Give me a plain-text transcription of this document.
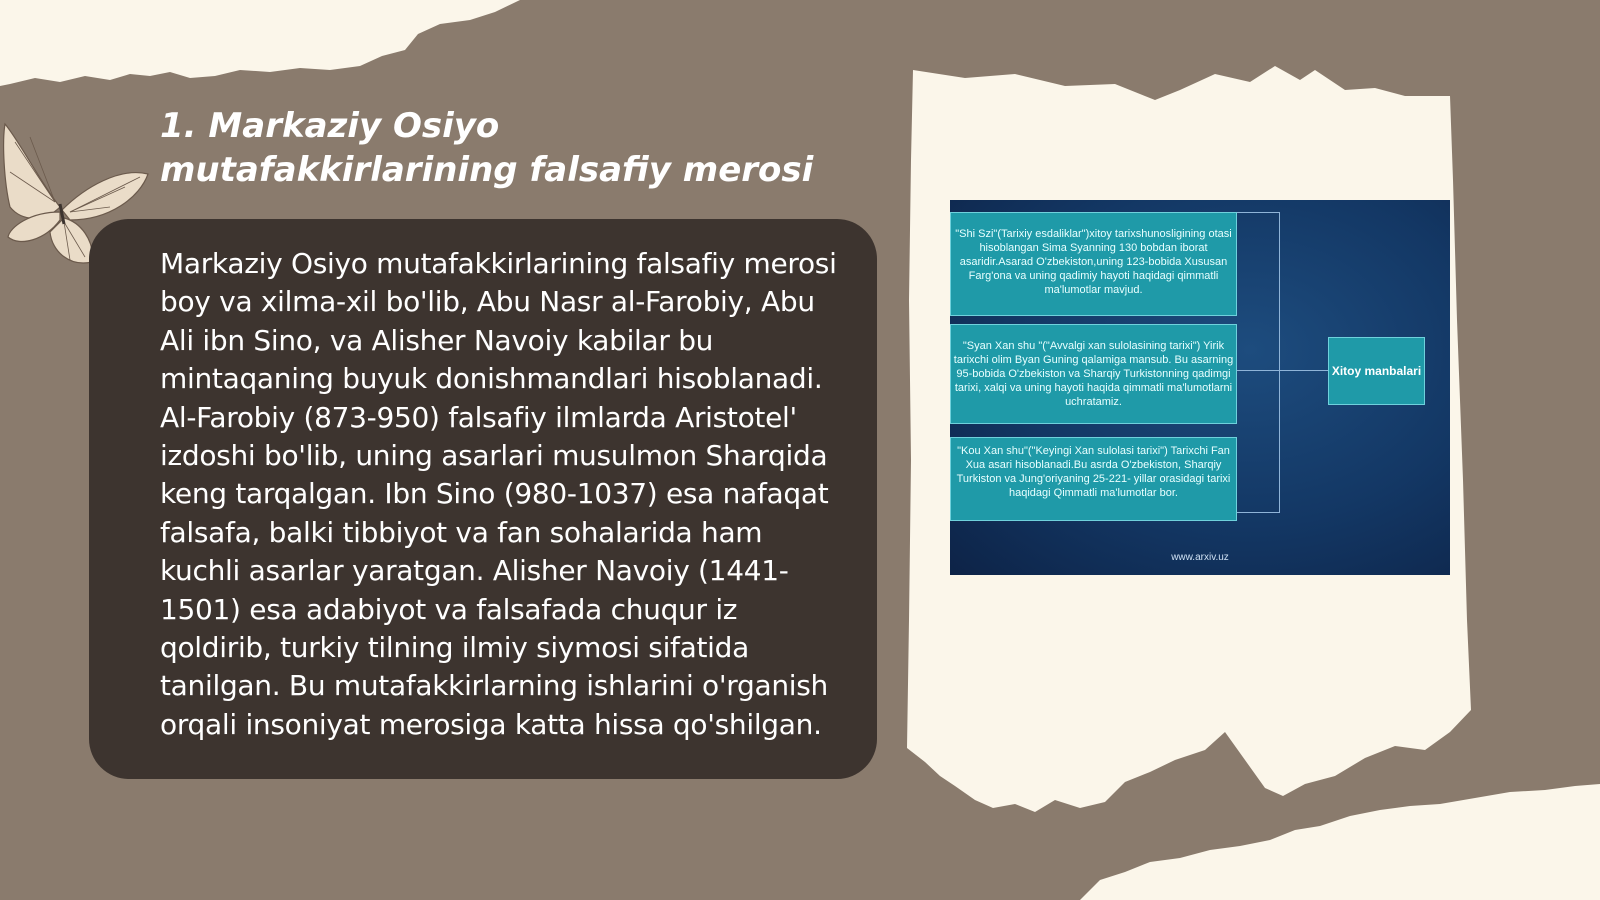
1. Markaziy Osiyo mutafakkirlarining falsafiy merosi

Markaziy Osiyo mutafakkirlarining falsafiy merosi boy va xilma-xil bo'lib, Abu Nasr al-Farobiy, Abu Ali ibn Sino, va Alisher Navoiy kabilar bu mintaqaning buyuk donishmandlari hisoblanadi. Al-Farobiy (873-950) falsafiy ilmlarda Aristotel' izdoshi bo'lib, uning asarlari musulmon Sharqida keng tarqalgan. Ibn Sino (980-1037) esa nafaqat falsafa, balki tibbiyot va fan sohalarida ham kuchli asarlar yaratgan. Alisher Navoiy (1441-1501) esa adabiyot va falsafada chuqur iz qoldirib, turkiy tilning ilmiy siymosi sifatida tanilgan. Bu mutafakkirlarning ishlarini o'rganish orqali insoniyat merosiga katta hissa qo'shilgan.

"Shi Szi"(Tarixiy esdaliklar")xitoy tarixshunosligining otasi hisoblangan Sima Syanning 130 bobdan iborat asaridir.Asarad O'zbekiston,uning 123-bobida Xususan Farg'ona va uning qadimiy hayoti haqidagi qimmatli ma'lumotlar mavjud.
"Syan Xan shu "("Avvalgi xan sulolasining tarixi") Yirik tarixchi olim Byan Guning qalamiga mansub. Bu asarning 95-bobida O'zbekiston va Sharqiy Turkistonning qadimgi tarixi, xalqi va uning hayoti haqida qimmatli ma'lumotlarni uchratamiz.
"Kou Xan shu"("Keyingi Xan sulolasi tarixi") Tarixchi Fan Xua asari hisoblanadi.Bu asrda O'zbekiston, Sharqiy Turkiston va Jung'oriyaning 25-221- yillar orasidagi tarixi haqidagi Qimmatli ma'lumotlar bor.
Xitoy manbalari
www.arxiv.uz
